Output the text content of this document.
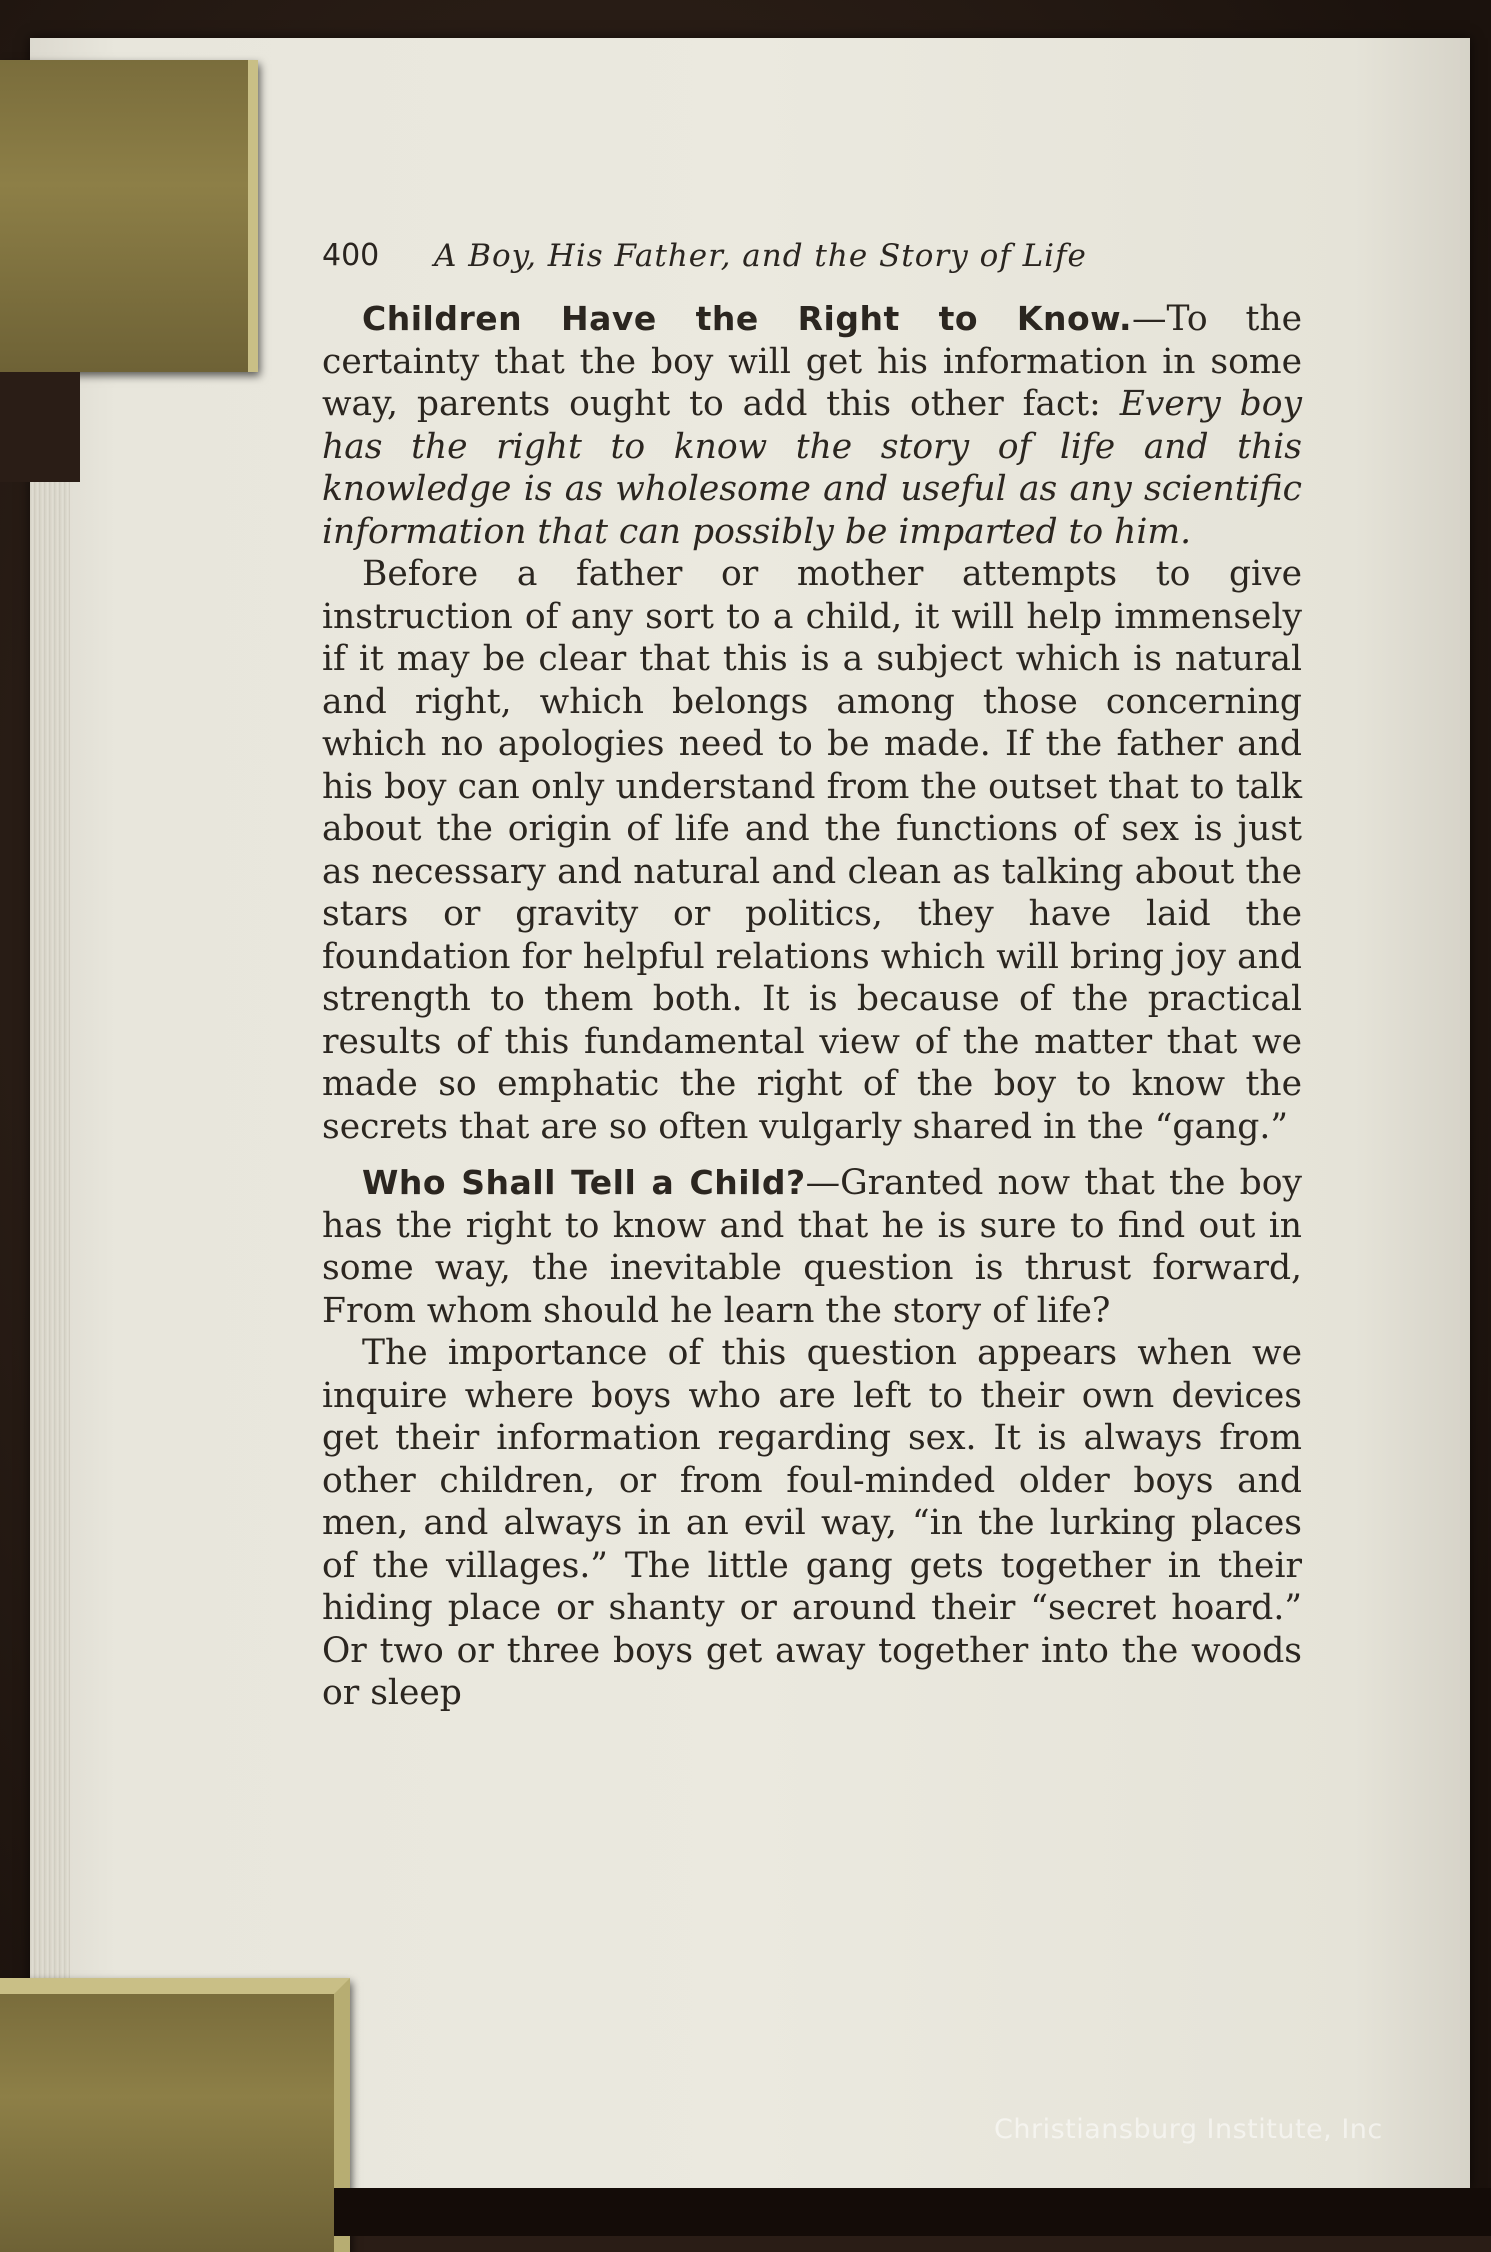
400 A Boy, His Father, and the Story of Life

Children Have the Right to Know.—To the certainty that the boy will get his information in some way, parents ought to add this other fact: Every boy has the right to know the story of life and this knowledge is as wholesome and useful as any scientific information that can possibly be imparted to him.

Before a father or mother attempts to give instruction of any sort to a child, it will help immensely if it may be clear that this is a subject which is natural and right, which belongs among those concerning which no apologies need to be made. If the father and his boy can only understand from the outset that to talk about the origin of life and the functions of sex is just as necessary and natural and clean as talking about the stars or gravity or politics, they have laid the foundation for helpful relations which will bring joy and strength to them both. It is because of the practical results of this fundamental view of the matter that we made so emphatic the right of the boy to know the secrets that are so often vulgarly shared in the “gang.”

Who Shall Tell a Child?—Granted now that the boy has the right to know and that he is sure to find out in some way, the inevitable question is thrust forward, From whom should he learn the story of life?

The importance of this question appears when we inquire where boys who are left to their own devices get their information regarding sex. It is always from other children, or from foul-minded older boys and men, and always in an evil way, “in the lurking places of the villages.” The little gang gets together in their hiding place or shanty or around their “secret hoard.” Or two or three boys get away together into the woods or sleep

Christiansburg Institute, Inc
